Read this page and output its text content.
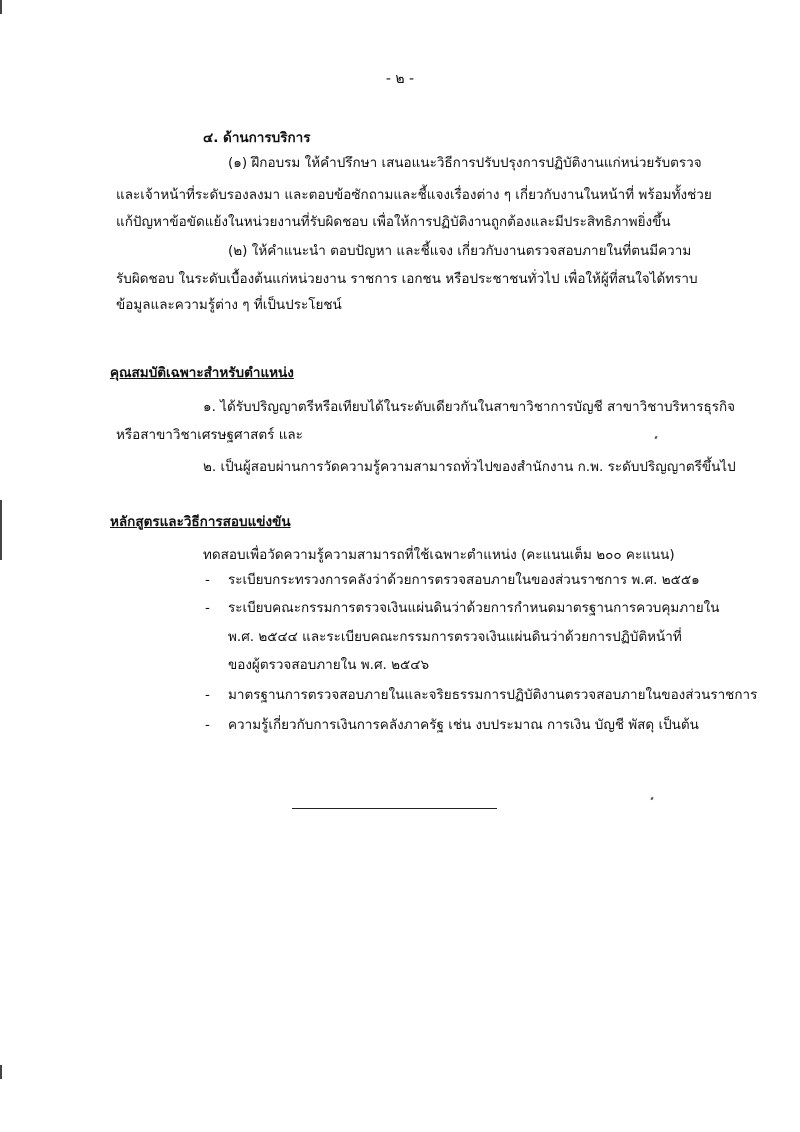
- ๒ -
๔. ด้านการบริการ
(๑) ฝึกอบรม ให้คำปรึกษา เสนอแนะวิธีการปรับปรุงการปฏิบัติงานแก่หน่วยรับตรวจ
และเจ้าหน้าที่ระดับรองลงมา และตอบข้อซักถามและชี้แจงเรื่องต่าง ๆ เกี่ยวกับงานในหน้าที่ พร้อมทั้งช่วย
แก้ปัญหาข้อขัดแย้งในหน่วยงานที่รับผิดชอบ เพื่อให้การปฏิบัติงานถูกต้องและมีประสิทธิภาพยิ่งขึ้น
(๒) ให้คำแนะนำ ตอบปัญหา และชี้แจง เกี่ยวกับงานตรวจสอบภายในที่ตนมีความ
รับผิดชอบ ในระดับเบื้องต้นแก่หน่วยงาน ราชการ เอกชน หรือประชาชนทั่วไป เพื่อให้ผู้ที่สนใจได้ทราบ
ข้อมูลและความรู้ต่าง ๆ ที่เป็นประโยชน์
คุณสมบัติเฉพาะสำหรับตำแหน่ง
๑. ได้รับปริญญาตรีหรือเทียบได้ในระดับเดียวกันในสาขาวิชาการบัญชี สาขาวิชาบริหารธุรกิจ
หรือสาขาวิชาเศรษฐศาสตร์ และ
๒. เป็นผู้สอบผ่านการวัดความรู้ความสามารถทั่วไปของสำนักงาน ก.พ. ระดับปริญญาตรีขึ้นไป
หลักสูตรและวิธีการสอบแข่งขัน
ทดสอบเพื่อวัดความรู้ความสามารถที่ใช้เฉพาะตำแหน่ง (คะแนนเต็ม ๒๐๐ คะแนน)
- ระเบียบกระทรวงการคลังว่าด้วยการตรวจสอบภายในของส่วนราชการ พ.ศ. ๒๕๕๑
- ระเบียบคณะกรรมการตรวจเงินแผ่นดินว่าด้วยการกำหนดมาตรฐานการควบคุมภายใน
พ.ศ. ๒๕๔๔ และระเบียบคณะกรรมการตรวจเงินแผ่นดินว่าด้วยการปฏิบัติหน้าที่
ของผู้ตรวจสอบภายใน พ.ศ. ๒๕๔๖
- มาตรฐานการตรวจสอบภายในและจริยธรรมการปฏิบัติงานตรวจสอบภายในของส่วนราชการ
- ความรู้เกี่ยวกับการเงินการคลังภาครัฐ เช่น งบประมาณ การเงิน บัญชี พัสดุ เป็นต้น
